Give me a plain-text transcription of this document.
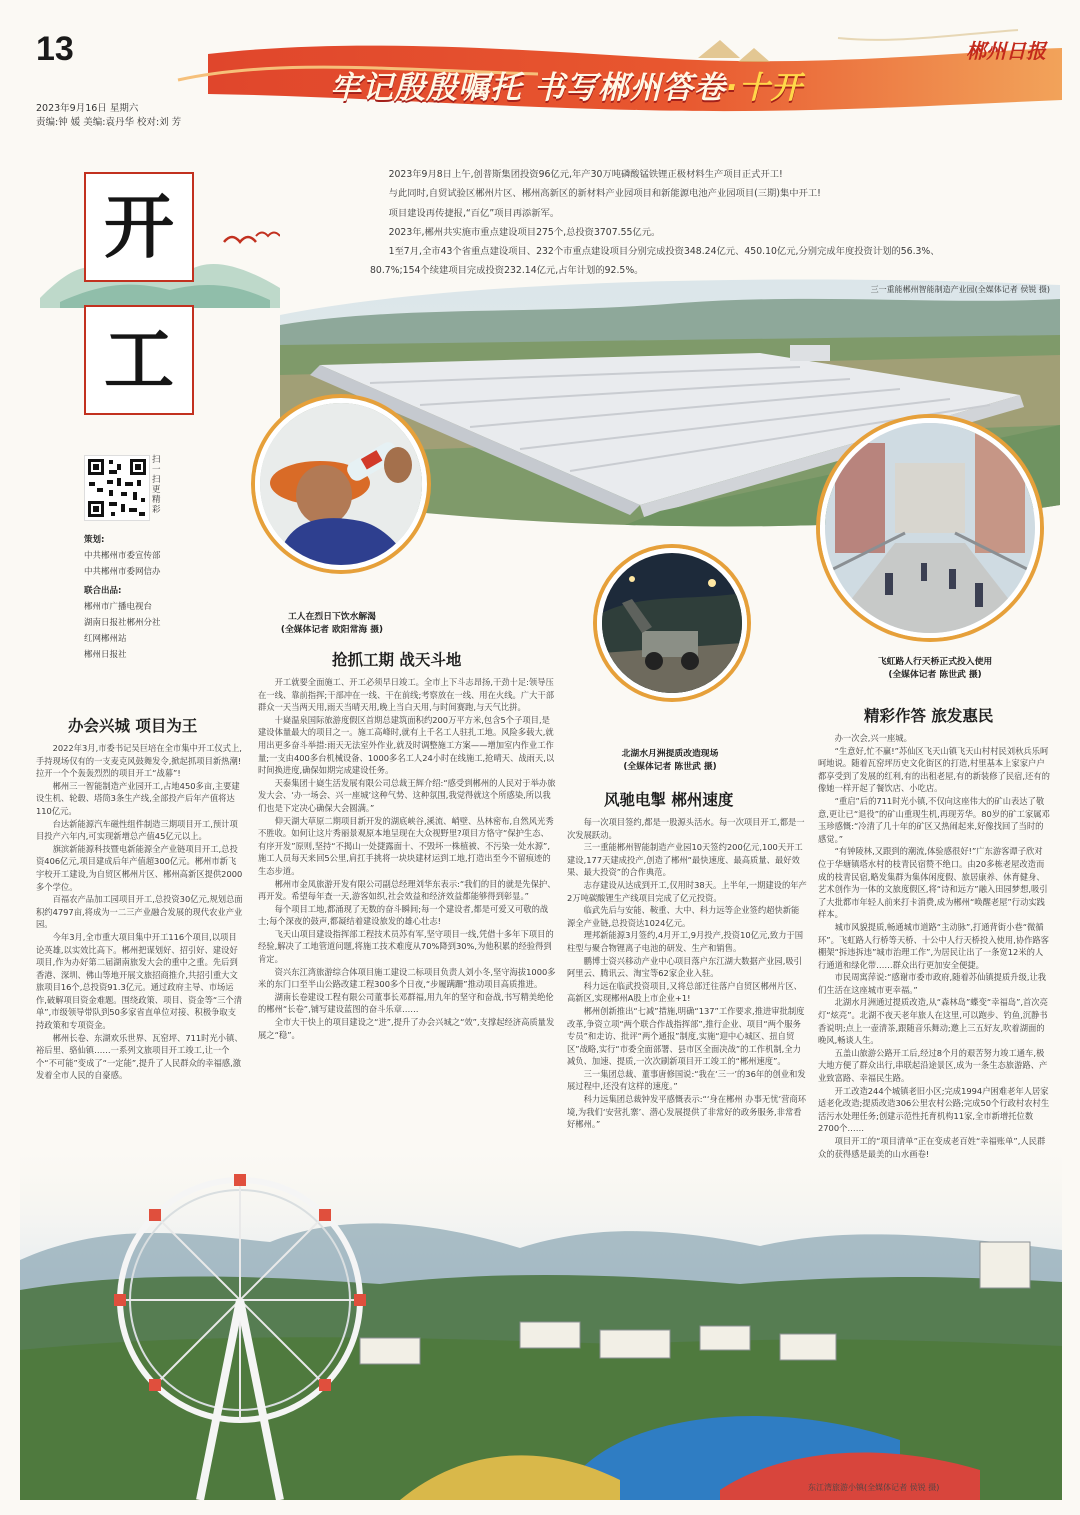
13
牢记殷殷嘱托 书写郴州答卷·十开
郴州日报
2023年9月16日 星期六
责编:钟 媛 美编:袁丹华 校对:刘 芳
开
工

2023年9月8日上午,创普斯集团投资96亿元,年产30万吨磷酸锰铁锂正极材料生产项目正式开工!

与此同时,自贸试验区郴州片区、郴州高新区的新材料产业园项目和新能源电池产业园项目(三期)集中开工!

项目建设再传捷报,“百亿”项目再添新军。

2023年,郴州共实施市重点建设项目275个,总投资3707.55亿元。

1至7月,全市43个省重点建设项目、232个市重点建设项目分别完成投资348.24亿元、450.10亿元,分别完成年度投资计划的56.3%、80.7%;154个续建项目完成投资232.14亿元,占年计划的92.5%。

扫一扫 更精彩
策划:
中共郴州市委宣传部
中共郴州市委网信办
联合出品:
郴州市广播电视台
湖南日报社郴州分社
红网郴州站
郴州日报社
三一重能郴州智能制造产业园(全媒体记者 侯锐 摄)
工人在烈日下饮水解渴
(全媒体记者 欧阳常海 摄)
北湖水月洲提质改造现场
(全媒体记者 陈世武 摄)
飞虹路人行天桥正式投入使用
(全媒体记者 陈世武 摄)
办会兴城 项目为王

2022年3月,市委书记吴巨培在全市集中开工仪式上,手持现场仅有的一支麦克风鼓舞发令,掀起抓项目新热潮!拉开一个个轰轰烈烈的项目开工“战幕”!

郴州三一智能制造产业园开工,占地450多亩,主要建设生机、轮毂、塔筒3条生产线,全部投产后年产值将达110亿元。

台达新能源汽车磁性组件制造三期项目开工,预计项目投产六年内,可实现新增总产值45亿元以上。

旗滨新能源科技暨电新能源全产业链项目开工,总投资406亿元,项目建成后年产值超300亿元。郴州市新飞宇校开工建设,为自贸区郴州片区、郴州高新区提供2000多个学位。

百福农产品加工园项目开工,总投资30亿元,规划总面积约4797亩,将成为一二三产业融合发展的现代农业产业园。

今年3月,全市重大项目集中开工116个项目,以项目论英雄,以实效比高下。郴州把谋划好、招引好、建设好项目,作为办好第二届湖南旅发大会的重中之重。先后到香港、深圳、佛山等地开展文旅招商推介,共招引重大文旅项目16个,总投资91.3亿元。通过政府主导、市场运作,破解项目资金难题。围绕政策、项目、资金等“三个清单”,市级领导带队到50多家省直单位对接、积极争取支持政策和专项资金。

郴州长卷、东湖欢乐世界、瓦窑坪、711时光小镇、裕后里、骆仙镇……一系列文旅项目开工竣工,让一个个“不可能”变成了“一定能”,提升了人民群众的幸福感,激发着全市人民的自豪感。

抢抓工期 战天斗地

开工就要全面施工、开工必须早日竣工。全市上下斗志昂扬,干劲十足:领导压在一线、靠前指挥;干部冲在一线、干在前线;考察放在一线、用在火线。广大干部群众一天当两天用,雨天当晴天用,晚上当白天用,与时间赛跑,与天气比拼。

十嶷温泉国际旅游度假区首期总建筑面积约200万平方米,包含5个子项目,是建设体量最大的项目之一。施工高峰时,就有上千名工人驻扎工地。风险多载大,就用出更多奋斗举措:雨天无法室外作业,就及时调整施工方案——增加室内作业工作量;一支由400多台机械设备、1000多名工人24小时在线施工,抢晴天、战雨天,以时间换进度,确保如期完成建设任务。

天泰集团十嶷生活发展有限公司总裁王辉介绍:“感受到郴州的人民对于举办旅发大会、‘办一场会、兴一座城’这种气势、这种氛围,我觉得就这个所感染,所以我们也是下定决心确保大会圆满。”

仰天湖大草原二期项目新开发的湖底峡谷,溪流、峭壁、丛林密布,自然风光秀不胜收。如何让这片秀丽景观原本地呈现在大众视野里?项目方恪守“保护生态、有序开发”原则,坚持“不揭山一处捷露面十、不毁坏一株植被、不污染一处水源”,施工人员每天来回5公里,肩扛手挑将一块块建材运到工地,打造出至今不留痕迹的生态步道。

郴州市金凤旅游开发有限公司副总经理刘华东表示:“我们的目的就是先保护、再开发。希望每年查一天,游客如织,社会效益和经济效益都能够得到彰显。”

每个项目工地,都涌现了无数的奋斗瞬间;每一个建设者,都是可爱又可敬的战士;每个深夜的鼓声,都凝结着建设旅发的雄心壮志!

飞天山项目建设指挥部工程技术员苏有军,坚守项目一线,凭借十多年下项目的经验,解决了工地管道问题,将施工技术难度从70%降到30%,为他积累的经验得到肯定。

资兴东江湾旅游综合体项目施工建设二标项目负责人刘小冬,坚守海拔1000多米的东门口至半山公路改建工程300多个日夜,“步履蹒跚”推动项目高质推进。

湖南长卷建设工程有限公司董事长邓群福,用九年的坚守和奋战,书写精美绝伦的郴州“长卷”,铺写建设蓝图的奋斗乐章……

全市大干快上的项目建设之“进”,提升了办会兴城之“效”,支撑起经济高质量发展之“稳”。

风驰电掣 郴州速度

每一次项目签约,都是一股源头活水。每一次项目开工,都是一次发展跃动。

三一重能郴州智能制造产业园10天签约200亿元,100天开工建设,177天建成投产,创造了郴州“最快速度、最高质量、最好效果、最大投资”的合作典范。

志存建设从达成到开工,仅用时38天。上半年,一期建设的年产2万吨碳酸锂生产线项目完成了亿元投资。

临武先后与安能、鞍重、大中、科力远等企业签约超快新能源全产业链,总投资达1024亿元。

理邦新能源3月签约,4月开工,9月投产,投资10亿元,致力于国柱型与聚合物锂离子电池的研发、生产和销售。

鹏博士资兴移动产业中心项目落户东江湖大数据产业园,吸引阿里云、腾讯云、淘宝等62家企业入驻。

科力远在临武投资项目,又将总部迁往落户自贸区郴州片区、高新区,实现郴州A股上市企业+1!

郴州创新推出“七减”措施,明确“137”工作要求,推进审批制度改革,争资立项“两个联合作战指挥部”,推行企业、项目“两个服务专员”和走访、批评“两个通报”制度,实施“迎中心城区、扭自贸区”战略,实行“市委全面部署、县市区全面决战”的工作机制,全力减负、加速、提质,一次次刷新项目开工竣工的“郴州速度”。

三一集团总裁、董事唐修国说:“我在‘三一’的36年的创业和发展过程中,还没有这样的速度。”

科力远集团总裁钟发平感慨表示:“‘身在郴州 办事无忧’营商环境,为我们‘安营扎寨’、潜心发展提供了非常好的政务服务,非常看好郴州。”

精彩作答 旅发惠民

办一次会,兴一座城。

“生意好,忙不赢!”苏仙区飞天山镇飞天山村村民刘秋兵乐呵呵地说。随着瓦窑坪历史文化街区的打造,村里基本上家家户户都享受到了发展的红利,有的出租老屋,有的新装修了民宿,还有的像她一样开起了餐饮店、小吃店。

“重启”后的711时光小镇,不仅向这座伟大的矿山表达了敬意,更让已“退役”的矿山重现生机,再现芳华。80岁的矿工家属邓玉珍感慨:“冷清了几十年的矿区又热闹起来,好像找回了当时的感觉。”

“有钟陵林,又跟到的潮流,体验感很好!”广东游客谭子欣对位于华塘镇塔水村的枝青民宿赞不绝口。由20多栋老屋改造而成的枝青民宿,略发集群为集体闲度假、旅居康养、休育健身、艺术创作为一体的文旅度假区,将“诗和远方”融入田园梦想,吸引了大批都市年轻人前来打卡消费,成为郴州“唤醒老屋”行动实践样本。

城市风貌提质,畅通城市道路“主动脉”,打通背街小巷“微循环”。飞虹路人行桥等天桥、十公中人行天桥投入使用,协作路客棚架“拆违拆违”城市治理工作”,为居民让出了一条宽12米的人行通道和绿化带……群众出行更加安全便捷。

市民周寓萍说:“感谢市委市政府,随着苏仙镇提质升级,让我们生活在这座城市更幸福。”

北湖水月洲通过提质改造,从“森林岛”蝶变“幸福岛”,首次亮灯“炫亮”。北湖不夜天老年旅人在这里,可以跑步、钓鱼,沉静书香说明;点上一壶清茶,跟随音乐舞动;邀上三五好友,吹着湖面的晚风,畅谈人生。

五盖山旅游公路开工后,经过8个月的艰苦努力竣工通车,极大地方便了群众出行,串联起沿途景区,成为一条生态旅游路、产业致富路、幸福民生路。

开工改造244个城镇老旧小区;完成1994户困难老年人居家适老化改造;提质改造306公里农村公路;完成50个行政村农村生活污水处理任务;创建示范性托育机构11家,全市新增托位数2700个……

项目开工的“项目清单”正在变成老百姓“幸福账单”,人民群

东江湾旅游小镇(全媒体记者 侯锐 摄)
